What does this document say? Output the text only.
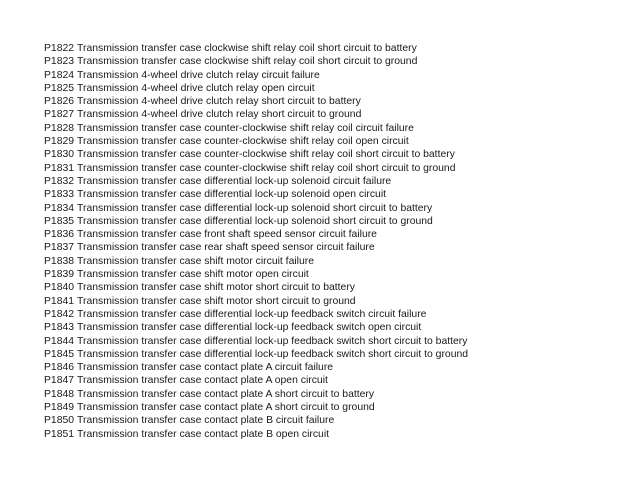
P1822 Transmission transfer case clockwise shift relay coil short circuit to battery
P1823 Transmission transfer case clockwise shift relay coil short circuit to ground
P1824 Transmission 4-wheel drive clutch relay circuit failure
P1825 Transmission 4-wheel drive clutch relay open circuit
P1826 Transmission 4-wheel drive clutch relay short circuit to battery
P1827 Transmission 4-wheel drive clutch relay short circuit to ground
P1828 Transmission transfer case counter-clockwise shift relay coil circuit failure
P1829 Transmission transfer case counter-clockwise shift relay coil open circuit
P1830 Transmission transfer case counter-clockwise shift relay coil short circuit to battery
P1831 Transmission transfer case counter-clockwise shift relay coil short circuit to ground
P1832 Transmission transfer case differential lock-up solenoid circuit failure
P1833 Transmission transfer case differential lock-up solenoid open circuit
P1834 Transmission transfer case differential lock-up solenoid short circuit to battery
P1835 Transmission transfer case differential lock-up solenoid short circuit to ground
P1836 Transmission transfer case front shaft speed sensor circuit failure
P1837 Transmission transfer case rear shaft speed sensor circuit failure
P1838 Transmission transfer case shift motor circuit failure
P1839 Transmission transfer case shift motor open circuit
P1840 Transmission transfer case shift motor short circuit to battery
P1841 Transmission transfer case shift motor short circuit to ground
P1842 Transmission transfer case differential lock-up feedback switch circuit failure
P1843 Transmission transfer case differential lock-up feedback switch open circuit
P1844 Transmission transfer case differential lock-up feedback switch short circuit to battery
P1845 Transmission transfer case differential lock-up feedback switch short circuit to ground
P1846 Transmission transfer case contact plate A circuit failure
P1847 Transmission transfer case contact plate A open circuit
P1848 Transmission transfer case contact plate A short circuit to battery
P1849 Transmission transfer case contact plate A short circuit to ground
P1850 Transmission transfer case contact plate B circuit failure
P1851 Transmission transfer case contact plate B open circuit
